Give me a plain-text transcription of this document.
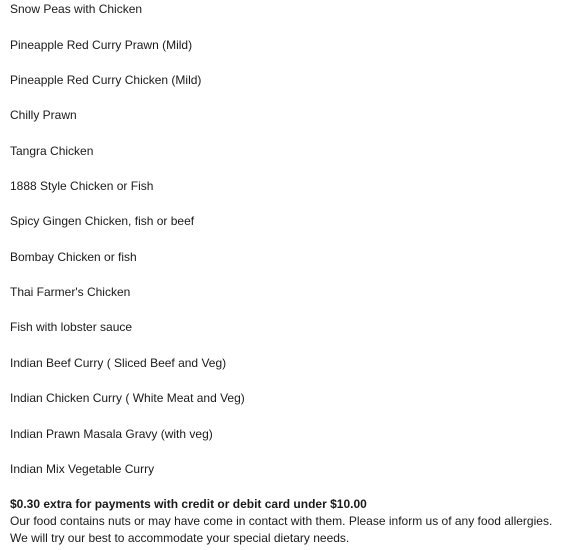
Snow Peas with Chicken
Pineapple Red Curry Prawn (Mild)
Pineapple Red Curry Chicken (Mild)
Chilly Prawn
Tangra Chicken
1888 Style Chicken or Fish
Spicy Gingen Chicken, fish or beef
Bombay Chicken or fish
Thai Farmer's Chicken
Fish with lobster sauce
Indian Beef Curry ( Sliced Beef and Veg)
Indian Chicken Curry ( White Meat and Veg)
Indian Prawn Masala Gravy (with veg)
Indian Mix Vegetable Curry
$0.30 extra for payments with credit or debit card under $10.00
Our food contains nuts or may have come in contact with them. Please inform us of any food allergies.
We will try our best to accommodate your special dietary needs.
